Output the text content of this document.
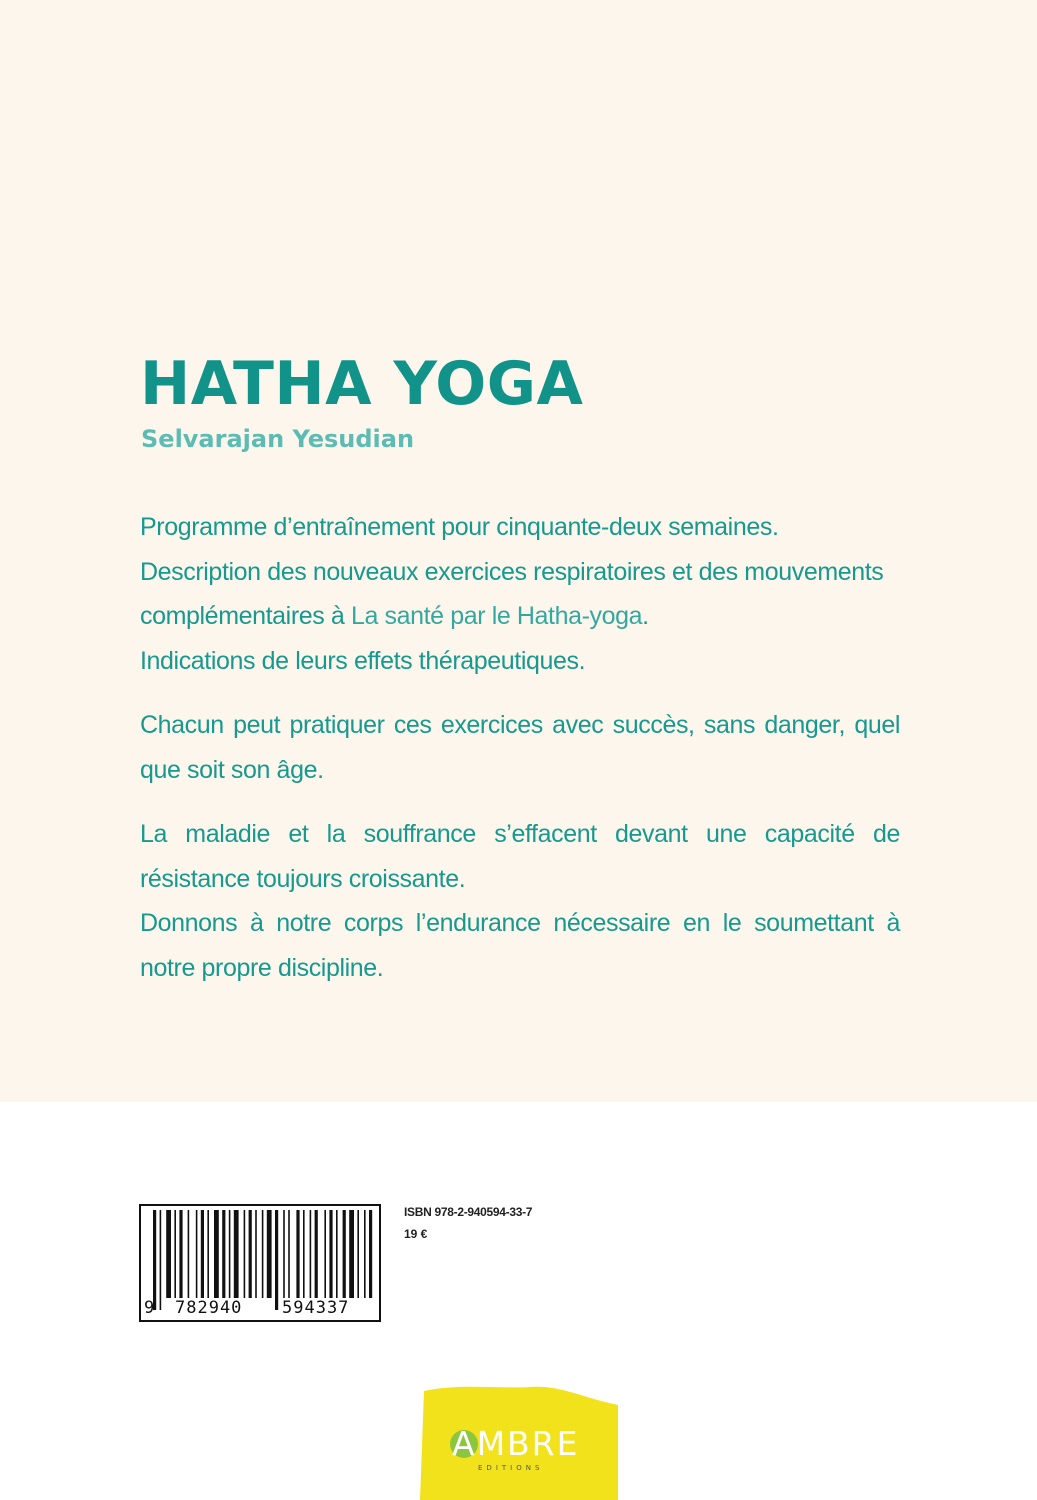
HATHA YOGA
Selvarajan Yesudian

Programme d’entraînement pour cinquante-deux semaines.
Description des nouveaux exercices respiratoires et des mouvements
complémentaires à La santé par le Hatha-yoga.
Indications de leurs effets thérapeutiques.

Chacun peut pratiquer ces exercices avec succès, sans danger, quel que soit son âge.

La maladie et la souffrance s’effacent devant une capacité de résistance toujours croissante.
Donnons à notre corps l’endurance nécessaire en le soumettant à notre propre discipline.

9 782940 594337
ISBN 978-2-940594-33-7
19 €
AMBRE
EDITIONS
